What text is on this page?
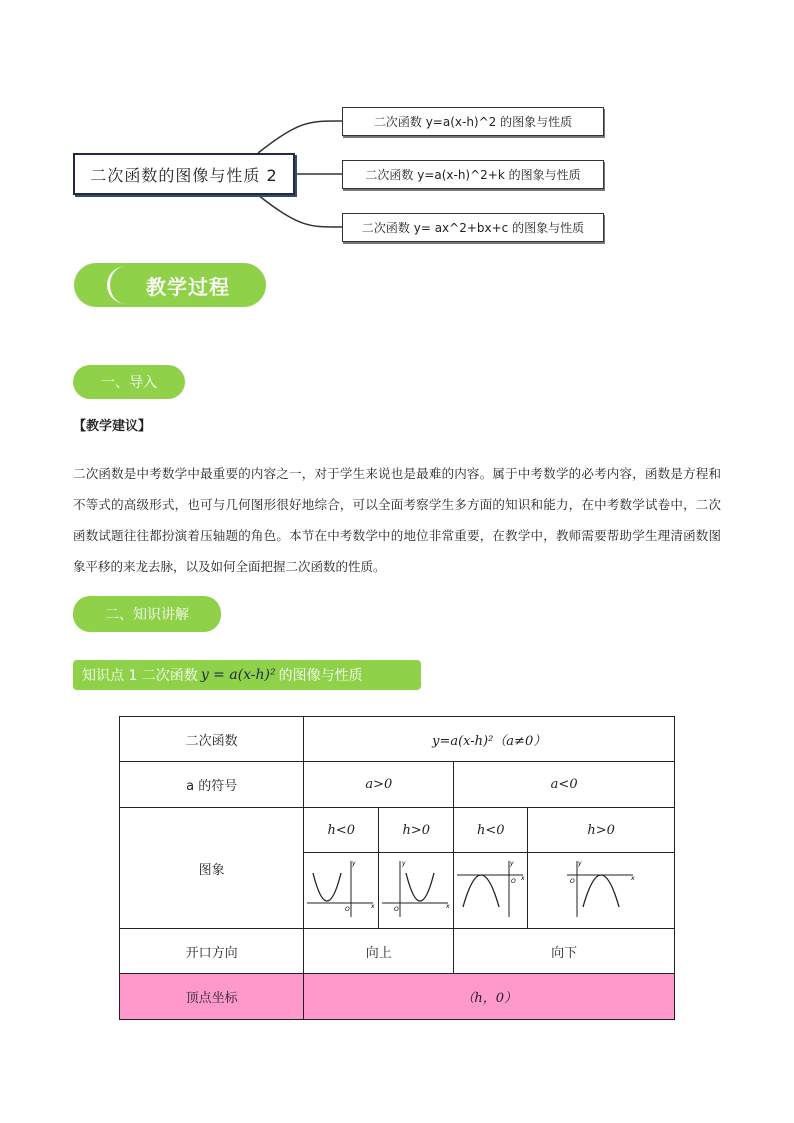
二次函数的图像与性质 2
二次函数 y=a(x-h)^2 的图象与性质
二次函数 y=a(x-h)^2+k 的图象与性质
二次函数 y= ax^2+bx+c 的图象与性质
教学过程
一、导入
【教学建议】
二次函数是中考数学中最重要的内容之一，对于学生来说也是最难的内容。属于中考数学的必考内容，函数是方程和不等式的高级形式，也可与几何图形很好地综合，可以全面考察学生多方面的知识和能力，在中考数学试卷中，二次函数试题往往都扮演着压轴题的角色。本节在中考数学中的地位非常重要，在教学中，教师需要帮助学生理清函数图象平移的来龙去脉，以及如何全面把握二次函数的性质。
二、知识讲解
知识点 1 二次函数 y = a(x-h)² 的图像与性质
二次函数	y=a(x-h)²（a≠0）			
a 的符号	a>0		a<0	
图象	h<0	h>0	h<0	h>0

y
x
O	y
x
O	y
x
O	y
x
O

开口方向	向上		向下	
顶点坐标	（h，0）			
